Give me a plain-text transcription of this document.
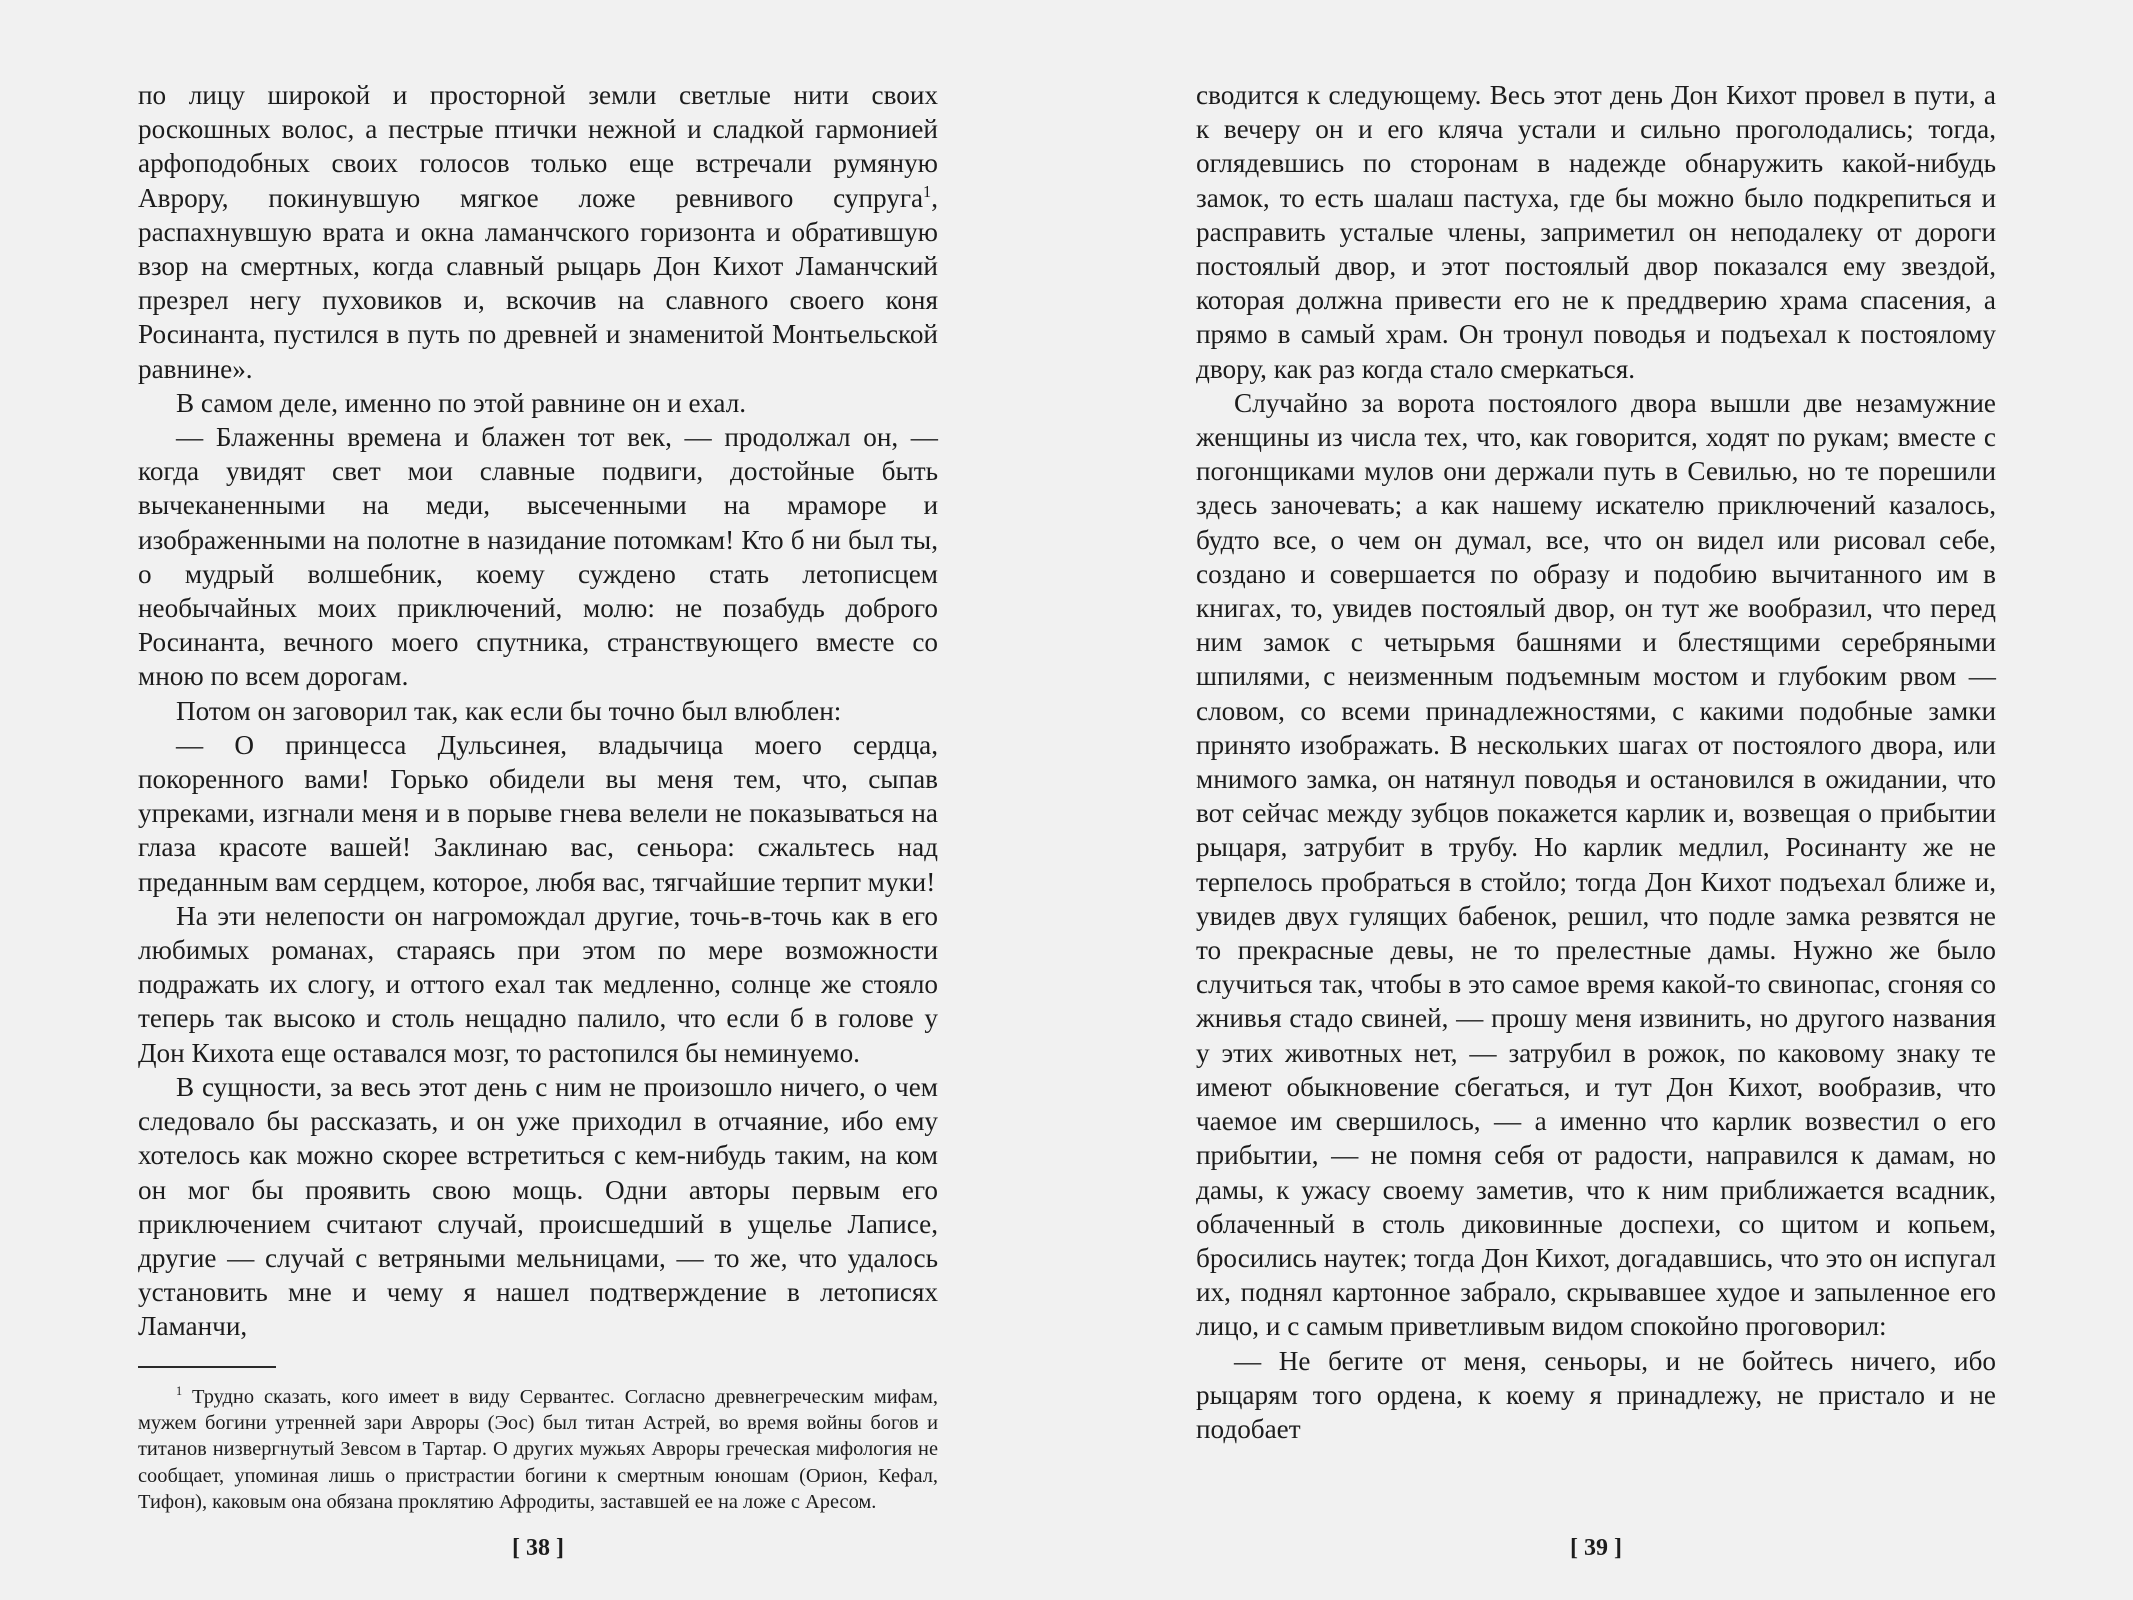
по лицу широкой и просторной земли светлые нити своих роскошных волос, а пестрые птички нежной и сладкой гармонией арфоподобных своих голосов только еще встречали румяную Аврору, покинувшую мягкое ложе ревнивого супруга$^1$, распахнувшую врата и окна ламанчского горизонта и обратившую взор на смертных, когда славный рыцарь Дон Кихот Ламанчский презрел негу пуховиков и, вскочив на славного своего коня Росинанта, пустился в путь по древней и знаменитой Монтьельской равнине».

В самом деле, именно по этой равнине он и ехал.

— Блаженны времена и блажен тот век, — продолжал он, — когда увидят свет мои славные подвиги, достойные быть вычеканенными на меди, высеченными на мраморе и изображенными на полотне в назидание потомкам! Кто б ни был ты, о мудрый волшебник, коему суждено стать летописцем необычайных моих приключений, молю: не позабудь доброго Росинанта, вечного моего спутника, странствующего вместе со мною по всем дорогам.

Потом он заговорил так, как если бы точно был влюблен:

— О принцесса Дульсинея, владычица моего сердца, покоренного вами! Горько обидели вы меня тем, что, сыпав упреками, изгнали меня и в порыве гнева велели не показываться на глаза красоте вашей! Заклинаю вас, сеньора: сжальтесь над преданным вам сердцем, которое, любя вас, тягчайшие терпит муки!

На эти нелепости он нагромождал другие, точь-в-точь как в его любимых романах, стараясь при этом по мере возможности подражать их слогу, и оттого ехал так медленно, солнце же стояло теперь так высоко и столь нещадно палило, что если б в голове у Дон Кихота еще оставался мозг, то растопился бы неминуемо.

В сущности, за весь этот день с ним не произошло ничего, о чем следовало бы рассказать, и он уже приходил в отчаяние, ибо ему хотелось как можно скорее встретиться с кем-нибудь таким, на ком он мог бы проявить свою мощь. Одни авторы первым его приключением считают случай, происшедший в ущелье Лаписе, другие — случай с ветряными мельницами, — то же, что удалось установить мне и чему я нашел подтверждение в летописях Ламанчи,

$^1$ Трудно сказать, кого имеет в виду Сервантес. Согласно древнегреческим мифам, мужем богини утренней зари Авроры (Эос) был титан Астрей, во время войны богов и титанов низвергнутый Зевсом в Тартар. О других мужьях Авроры греческая мифология не сообщает, упоминая лишь о пристрастии богини к смертным юношам (Орион, Кефал, Тифон), каковым она обязана проклятию Афродиты, заставшей ее на ложе с Аресом.

[ 38 ]

сводится к следующему. Весь этот день Дон Кихот провел в пути, а к вечеру он и его кляча устали и сильно проголодались; тогда, оглядевшись по сторонам в надежде обнаружить какой-нибудь замок, то есть шалаш пастуха, где бы можно было подкрепиться и расправить усталые члены, заприметил он неподалеку от дороги постоялый двор, и этот постоялый двор показался ему звездой, которая должна привести его не к преддверию храма спасения, а прямо в самый храм. Он тронул поводья и подъехал к постоялому двору, как раз когда стало смеркаться.

Случайно за ворота постоялого двора вышли две незамужние женщины из числа тех, что, как говорится, ходят по рукам; вместе с погонщиками мулов они держали путь в Севилью, но те порешили здесь заночевать; а как нашему искателю приключений казалось, будто все, о чем он думал, все, что он видел или рисовал себе, создано и совершается по образу и подобию вычитанного им в книгах, то, увидев постоялый двор, он тут же вообразил, что перед ним замок с четырьмя башнями и блестящими серебряными шпилями, с неизменным подъемным мостом и глубоким рвом — словом, со всеми принадлежностями, с какими подобные замки принято изображать. В нескольких шагах от постоялого двора, или мнимого замка, он натянул поводья и остановился в ожидании, что вот сейчас между зубцов покажется карлик и, возвещая о прибытии рыцаря, затрубит в трубу. Но карлик медлил, Росинанту же не терпелось пробраться в стойло; тогда Дон Кихот подъехал ближе и, увидев двух гулящих бабенок, решил, что подле замка резвятся не то прекрасные девы, не то прелестные дамы. Нужно же было случиться так, чтобы в это самое время какой-то свинопас, сгоняя со жнивья стадо свиней, — прошу меня извинить, но другого названия у этих животных нет, — затрубил в рожок, по каковому знаку те имеют обыкновение сбегаться, и тут Дон Кихот, вообразив, что чаемое им свершилось, — а именно что карлик возвестил о его прибытии, — не помня себя от радости, направился к дамам, но дамы, к ужасу своему заметив, что к ним приближается всадник, облаченный в столь диковинные доспехи, со щитом и копьем, бросились наутек; тогда Дон Кихот, догадавшись, что это он испугал их, поднял картонное забрало, скрывавшее худое и запыленное его лицо, и с самым приветливым видом спокойно проговорил:

— Не бегите от меня, сеньоры, и не бойтесь ничего, ибо рыцарям того ордена, к коему я принадлежу, не пристало и не подобает

[ 39 ]
